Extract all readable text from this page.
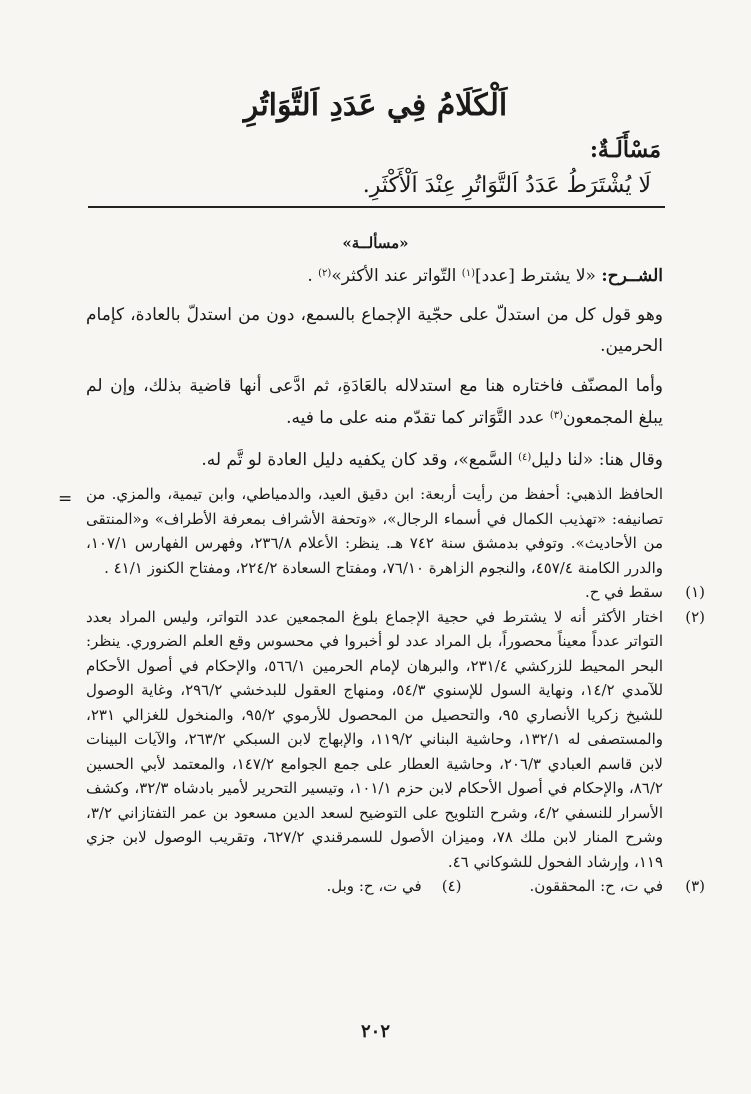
اَلْكَلَامُ فِي عَدَدِ اَلتَّوَاتُرِ
مَسْأَلَـةٌ:
لَا يُشْتَرَطُ عَدَدُ اَلتَّوَاتُرِ عِنْدَ اَلْأَكْثَرِ.
«مسألــة»

الشــرح: «لا يشترط [عدد]$^{(١)}$ التّواتر عند الأكثر»$^{(٢)}$ .

وهو قول كل من استدلّ على حجّية الإجماع بالسمع، دون من استدلّ بالعادة، كإمام الحرمين.

وأما المصنّف فاختاره هنا مع استدلاله بالعَادَةِ، ثم ادَّعى أنها قاضية بذلك، وإن لم يبلغ المجمعون$^{(٣)}$ عدد التَّوَاتر كما تقدّم منه على ما فيه.

وقال هنا: «لنا دليل$^{(٤)}$ السَّمع»، وقد كان يكفيه دليل العادة لو تَّم له.

= الحافظ الذهبي: أحفظ من رأيت أربعة: ابن دقيق العيد، والدمياطي، وابن تيمية، والمزي. من تصانيفه: «تهذيب الكمال في أسماء الرجال»، «وتحفة الأشراف بمعرفة الأطراف» و«المنتقى من الأحاديث». وتوفي بدمشق سنة ٧٤٢ هـ. ينظر: الأعلام ٢٣٦/٨، وفهرس الفهارس ١٠٧/١، والدرر الكامنة ٤٥٧/٤، والنجوم الزاهرة ٧٦/١٠، ومفتاح السعادة ٢٢٤/٢، ومفتاح الكنوز ٤١/١ .
(١)
سقط في ح.
(٢)
اختار الأكثر أنه لا يشترط في حجية الإجماع بلوغ المجمعين عدد التواتر، وليس المراد بعدد التواتر عدداً معيناً محصوراً، بل المراد عدد لو أخبروا في محسوس وقع العلم الضروري. ينظر: البحر المحيط للزركشي ٢٣١/٤، والبرهان لإمام الحرمين ٥٦٦/١، والإحكام في أصول الأحكام للآمدي ١٤/٢، ونهاية السول للإسنوي ٥٤/٣، ومنهاج العقول للبدخشي ٢٩٦/٢، وغاية الوصول للشيخ زكريا الأنصاري ٩٥، والتحصيل من المحصول للأرموي ٩٥/٢، والمنخول للغزالي ٢٣١، والمستصفى له ١٣٢/١، وحاشية البناني ١١٩/٢، والإبهاج لابن السبكي ٢٦٣/٢، والآيات البينات لابن قاسم العبادي ٢٠٦/٣، وحاشية العطار على جمع الجوامع ١٤٧/٢، والمعتمد لأبي الحسين ٨٦/٢، والإحكام في أصول الأحكام لابن حزم ١٠١/١، وتيسير التحرير لأمير بادشاه ٣٢/٣، وكشف الأسرار للنسفي ٤/٢، وشرح التلويح على التوضيح لسعد الدين مسعود بن عمر التفتازاني ٣/٢، وشرح المنار لابن ملك ٧٨، وميزان الأصول للسمرقندي ٦٢٧/٢، وتقريب الوصول لابن جزي ١١٩، وإرشاد الفحول للشوكاني ٤٦.
(٣)
في ت، ح: المحققون.(٤)في ت، ح: وبل.
٢٠٢
